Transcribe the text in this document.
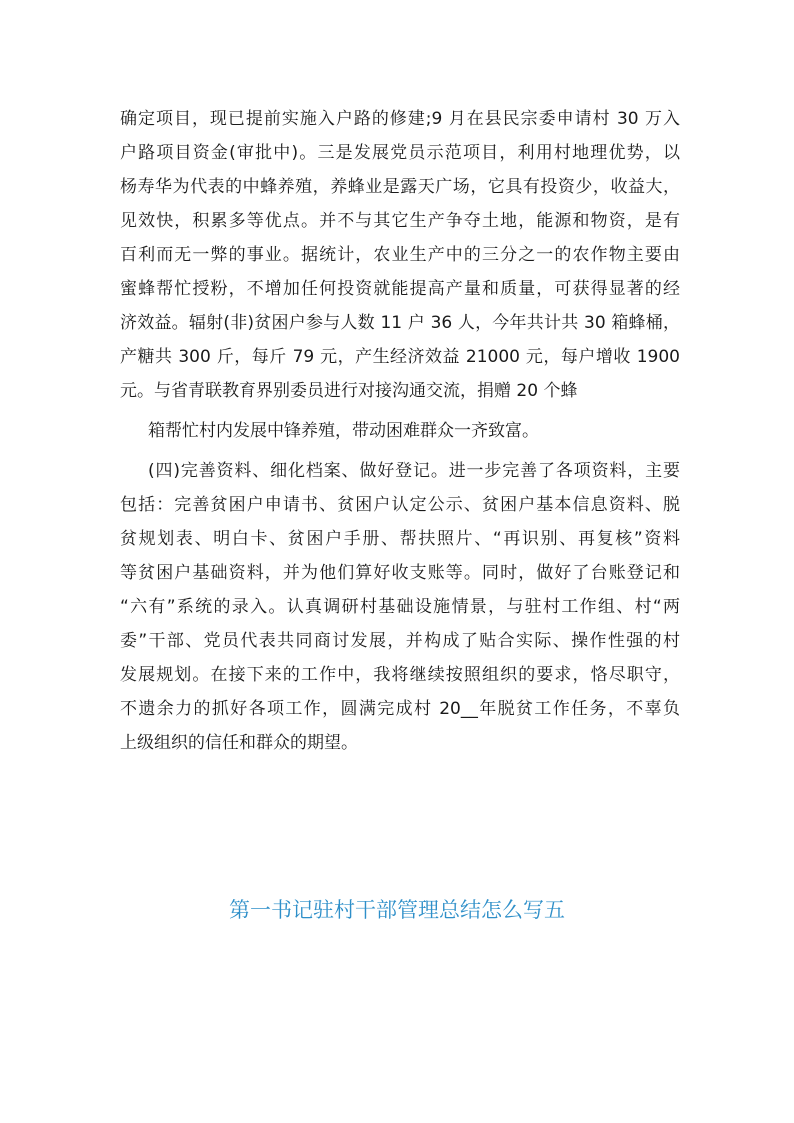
确定项目，现已提前实施入户路的修建;9 月在县民宗委申请村 30 万入
户路项目资金(审批中)。三是发展党员示范项目，利用村地理优势，以
杨寿华为代表的中蜂养殖，养蜂业是露天广场，它具有投资少，收益大，
见效快，积累多等优点。并不与其它生产争夺土地，能源和物资，是有
百利而无一弊的事业。据统计，农业生产中的三分之一的农作物主要由
蜜蜂帮忙授粉，不增加任何投资就能提高产量和质量，可获得显著的经
济效益。辐射(非)贫困户参与人数 11 户 36 人，今年共计共 30 箱蜂桶，
产糖共 300 斤，每斤 79 元，产生经济效益 21000 元，每户增收 1900
元。与省青联教育界别委员进行对接沟通交流，捐赠 20 个蜂
箱帮忙村内发展中锋养殖，带动困难群众一齐致富。
(四)完善资料、细化档案、做好登记。进一步完善了各项资料，主要
包括：完善贫困户申请书、贫困户认定公示、贫困户基本信息资料、脱
贫规划表、明白卡、贫困户手册、帮扶照片、“再识别、再复核”资料
等贫困户基础资料，并为他们算好收支账等。同时，做好了台账登记和
“六有”系统的录入。认真调研村基础设施情景，与驻村工作组、村“两
委”干部、党员代表共同商讨发展，并构成了贴合实际、操作性强的村
发展规划。在接下来的工作中，我将继续按照组织的要求，恪尽职守，
不遗余力的抓好各项工作，圆满完成村 20__年脱贫工作任务，不辜负
上级组织的信任和群众的期望。
第一书记驻村干部管理总结怎么写五
